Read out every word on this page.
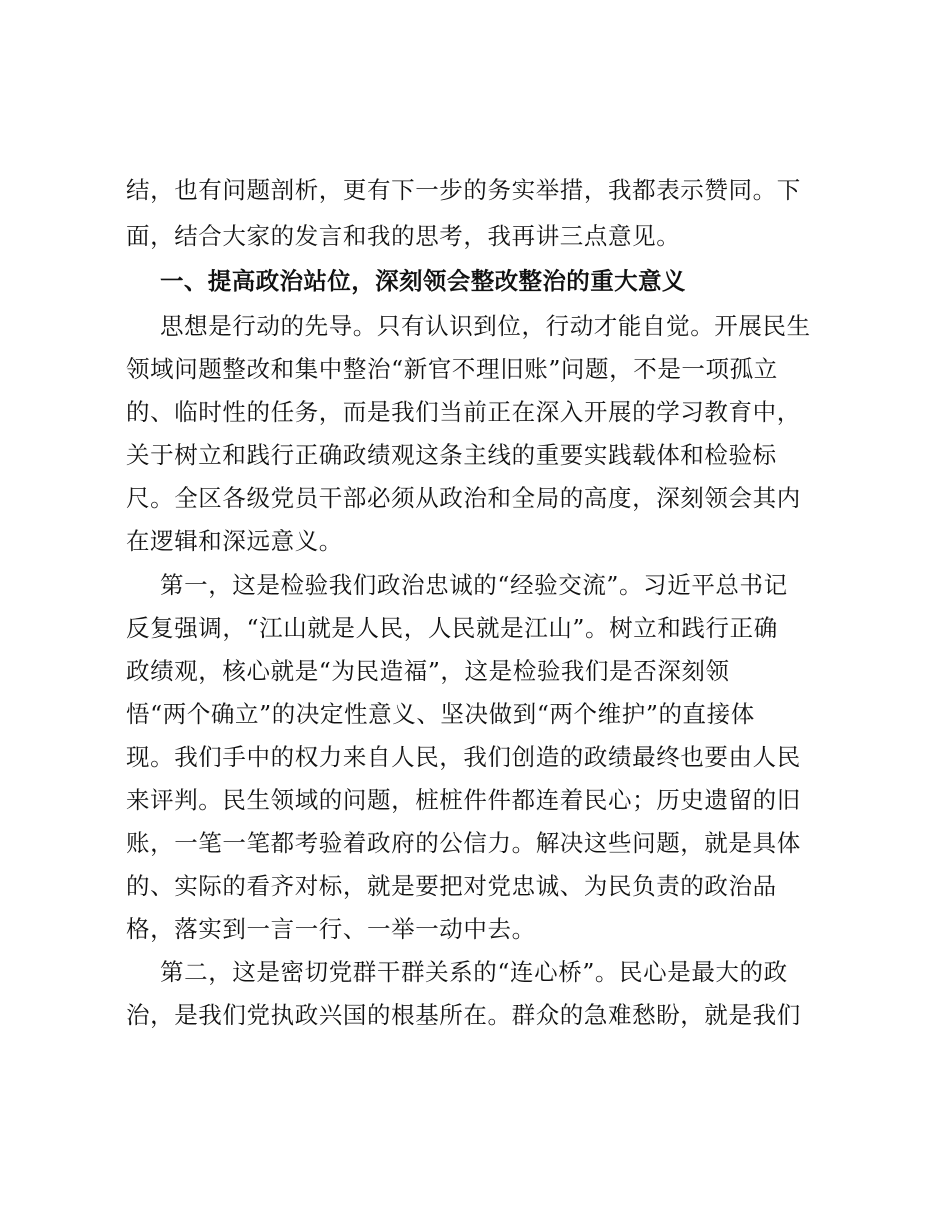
结，也有问题剖析，更有下一步的务实举措，我都表示赞同。下
面，结合大家的发言和我的思考，我再讲三点意见。
一、提高政治站位，深刻领会整改整治的重大意义
思想是行动的先导。只有认识到位，行动才能自觉。开展民生
领域问题整改和集中整治“新官不理旧账”问题，不是一项孤立
的、临时性的任务，而是我们当前正在深入开展的学习教育中，
关于树立和践行正确政绩观这条主线的重要实践载体和检验标
尺。全区各级党员干部必须从政治和全局的高度，深刻领会其内
在逻辑和深远意义。
第一，这是检验我们政治忠诚的“经验交流”。习近平总书记
反复强调，“江山就是人民，人民就是江山”。树立和践行正确
政绩观，核心就是“为民造福”，这是检验我们是否深刻领
悟“两个确立”的决定性意义、坚决做到“两个维护”的直接体
现。我们手中的权力来自人民，我们创造的政绩最终也要由人民
来评判。民生领域的问题，桩桩件件都连着民心；历史遗留的旧
账，一笔一笔都考验着政府的公信力。解决这些问题，就是具体
的、实际的看齐对标，就是要把对党忠诚、为民负责的政治品
格，落实到一言一行、一举一动中去。
第二，这是密切党群干群关系的“连心桥”。民心是最大的政
治，是我们党执政兴国的根基所在。群众的急难愁盼，就是我们
